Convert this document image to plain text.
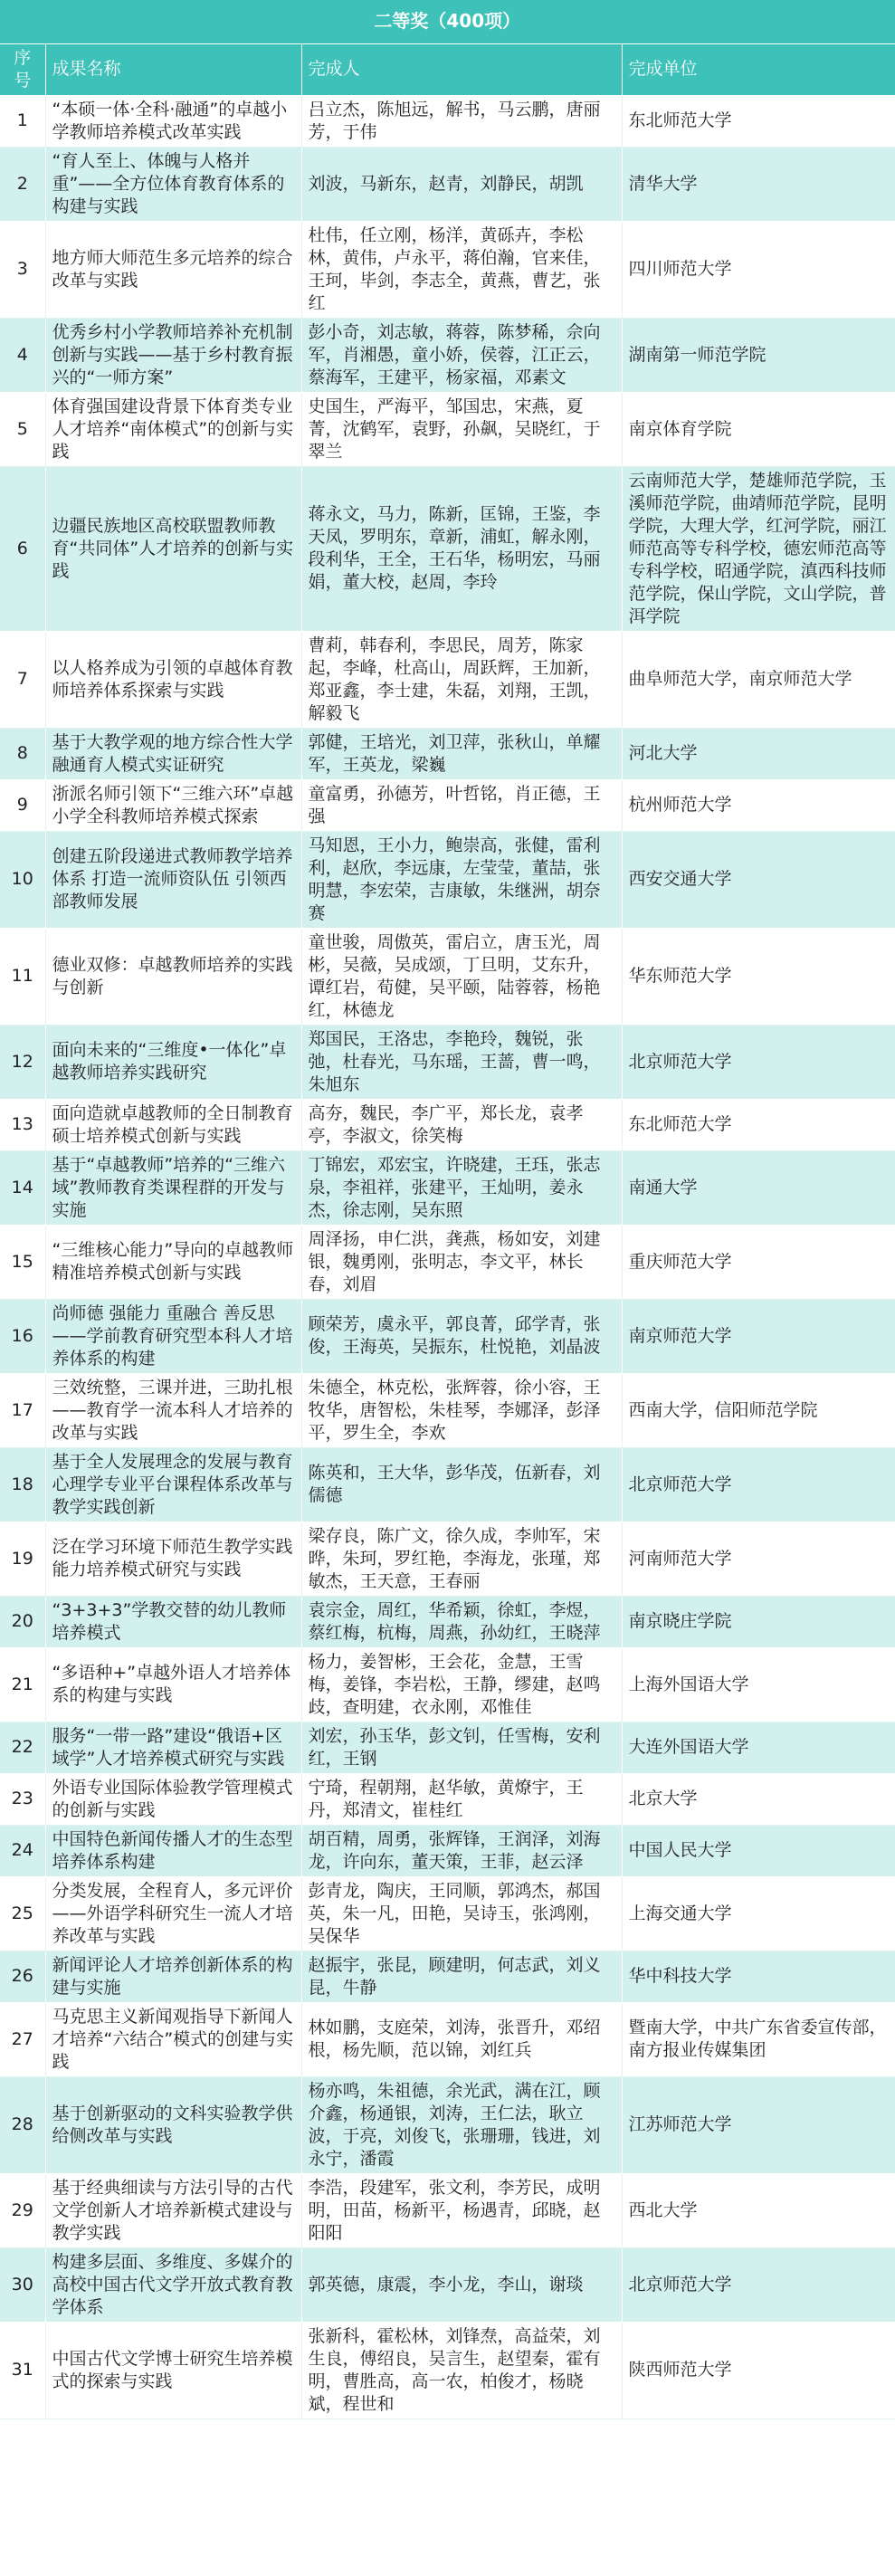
二等奖（400项）			
序号	成果名称	完成人	完成单位
1	“本硕一体·全科·融通”的卓越小学教师培养模式改革实践	吕立杰，陈旭远，解书，马云鹏，唐丽芳，于伟	东北师范大学
2	“育人至上、体魄与人格并重”——全方位体育教育体系的构建与实践	刘波，马新东，赵青，刘静民，胡凯	清华大学
3	地方师大师范生多元培养的综合改革与实践	杜伟，任立刚，杨洋，黄砾卉，李松林，黄伟，卢永平，蒋伯瀚，官来佳，王珂，毕剑，李志全，黄燕，曹艺，张红	四川师范大学
4	优秀乡村小学教师培养补充机制创新与实践——基于乡村教育振兴的“一师方案”	彭小奇，刘志敏，蒋蓉，陈梦稀，佘向军，肖湘愚，童小娇，侯蓉，江正云，蔡海军，王建平，杨家福，邓素文	湖南第一师范学院
5	体育强国建设背景下体育类专业人才培养“南体模式”的创新与实践	史国生，严海平，邹国忠，宋燕，夏菁，沈鹤军，袁野，孙飙，吴晓红，于翠兰	南京体育学院
6	边疆民族地区高校联盟教师教育“共同体”人才培养的创新与实践	蒋永文，马力，陈新，匡锦，王鉴，李天凤，罗明东，章新，浦虹，解永刚，段利华，王全，王石华，杨明宏，马丽娟，董大校，赵周，李玲	云南师范大学，楚雄师范学院，玉溪师范学院，曲靖师范学院，昆明学院，大理大学，红河学院，丽江师范高等专科学校，德宏师范高等专科学校，昭通学院，滇西科技师范学院，保山学院，文山学院，普洱学院
7	以人格养成为引领的卓越体育教师培养体系探索与实践	曹莉，韩春利，李思民，周芳，陈家起，李峰，杜高山，周跃辉，王加新，郑亚鑫，李士建，朱磊，刘翔，王凯，解毅飞	曲阜师范大学，南京师范大学
8	基于大教学观的地方综合性大学融通育人模式实证研究	郭健，王培光，刘卫萍，张秋山，单耀军，王英龙，梁巍	河北大学
9	浙派名师引领下“三维六环”卓越小学全科教师培养模式探索	童富勇，孙德芳，叶哲铭，肖正德，王强	杭州师范大学
10	创建五阶段递进式教师教学培养体系 打造一流师资队伍 引领西部教师发展	马知恩，王小力，鲍崇高，张健，雷利利，赵欣，李远康，左莹莹，董喆，张明慧，李宏荣，吉康敏，朱继洲，胡奈赛	西安交通大学
11	德业双修：卓越教师培养的实践与创新	童世骏，周傲英，雷启立，唐玉光，周彬，吴薇，吴成颂，丁旦明，艾东升，谭红岩，荀健，吴平颐，陆蓉蓉，杨艳红，林德龙	华东师范大学
12	面向未来的“三维度•一体化”卓越教师培养实践研究	郑国民，王洛忠，李艳玲，魏锐，张弛，杜春光，马东瑶，王蔷，曹一鸣，朱旭东	北京师范大学
13	面向造就卓越教师的全日制教育硕士培养模式创新与实践	高夯，魏民，李广平，郑长龙，袁孝亭，李淑文，徐笑梅	东北师范大学
14	基于“卓越教师”培养的“三维六域”教师教育类课程群的开发与实施	丁锦宏，邓宏宝，许晓建，王珏，张志泉，李祖祥，张建平，王灿明，姜永杰，徐志刚，吴东照	南通大学
15	“三维核心能力”导向的卓越教师精准培养模式创新与实践	周泽扬，申仁洪，龚燕，杨如安，刘建银，魏勇刚，张明志，李文平，林长春，刘眉	重庆师范大学
16	尚师德 强能力 重融合 善反思——学前教育研究型本科人才培养体系的构建	顾荣芳，虞永平，郭良菁，邱学青，张俊，王海英，吴振东，杜悦艳，刘晶波	南京师范大学
17	三效统整，三课并进，三助扎根——教育学一流本科人才培养的改革与实践	朱德全，林克松，张辉蓉，徐小容，王牧华，唐智松，朱桂琴，李娜泽，彭泽平，罗生全，李欢	西南大学，信阳师范学院
18	基于全人发展理念的发展与教育心理学专业平台课程体系改革与教学实践创新	陈英和，王大华，彭华茂，伍新春，刘儒德	北京师范大学
19	泛在学习环境下师范生教学实践能力培养模式研究与实践	梁存良，陈广文，徐久成，李帅军，宋晔，朱珂，罗红艳，李海龙，张瑾，郑敏杰，王天意，王春丽	河南师范大学
20	“3+3+3”学教交替的幼儿教师培养模式	袁宗金，周红，华希颖，徐虹，李煜，蔡红梅，杭梅，周燕，孙幼红，王晓萍	南京晓庄学院
21	“多语种+”卓越外语人才培养体系的构建与实践	杨力，姜智彬，王会花，金慧，王雪梅，姜锋，李岩松，王静，缪建，赵鸣歧，查明建，衣永刚，邓惟佳	上海外国语大学
22	服务“一带一路”建设“俄语+区域学”人才培养模式研究与实践	刘宏，孙玉华，彭文钊，任雪梅，安利红，王钢	大连外国语大学
23	外语专业国际体验教学管理模式的创新与实践	宁琦，程朝翔，赵华敏，黄燎宇，王丹，郑清文，崔桂红	北京大学
24	中国特色新闻传播人才的生态型培养体系构建	胡百精，周勇，张辉锋，王润泽，刘海龙，许向东，董天策，王菲，赵云泽	中国人民大学
25	分类发展，全程育人，多元评价——外语学科研究生一流人才培养改革与实践	彭青龙，陶庆，王同顺，郭鸿杰，郝国英，朱一凡，田艳，吴诗玉，张鸿刚，吴保华	上海交通大学
26	新闻评论人才培养创新体系的构建与实施	赵振宇，张昆，顾建明，何志武，刘义昆，牛静	华中科技大学
27	马克思主义新闻观指导下新闻人才培养“六结合”模式的创建与实践	林如鹏，支庭荣，刘涛，张晋升，邓绍根，杨先顺，范以锦，刘红兵	暨南大学，中共广东省委宣传部，南方报业传媒集团
28	基于创新驱动的文科实验教学供给侧改革与实践	杨亦鸣，朱祖德，余光武，满在江，顾介鑫，杨通银，刘涛，王仁法，耿立波，于亮，刘俊飞，张珊珊，钱进，刘永宁，潘霞	江苏师范大学
29	基于经典细读与方法引导的古代文学创新人才培养新模式建设与教学实践	李浩，段建军，张文利，李芳民，成明明，田苗，杨新平，杨遇青，邱晓，赵阳阳	西北大学
30	构建多层面、多维度、多媒介的高校中国古代文学开放式教育教学体系	郭英德，康震，李小龙，李山，谢琰	北京师范大学
31	中国古代文学博士研究生培养模式的探索与实践	张新科，霍松林，刘锋焘，高益荣，刘生良，傅绍良，吴言生，赵望秦，霍有明，曹胜高，高一农，柏俊才，杨晓斌，程世和	陕西师范大学
